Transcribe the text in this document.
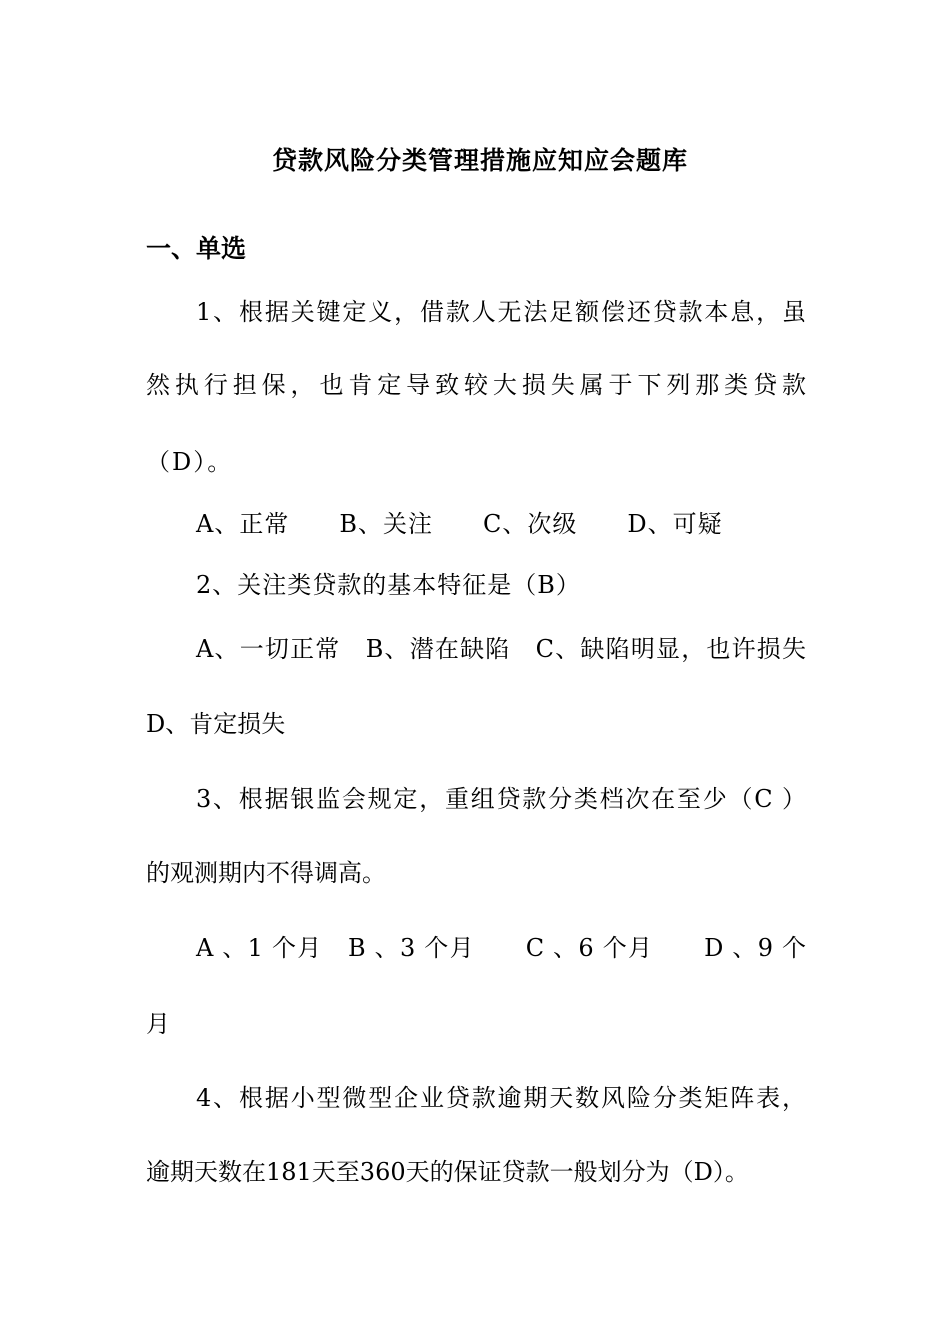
贷款风险分类管理措施应知应会题库
一、单选
1、根据关键定义，借款人无法足额偿还贷款本息，虽
然执行担保，也肯定导致较大损失属于下列那类贷款
（D）。
A、正常　　B、关注　　C、次级　　D、可疑
2、关注类贷款的基本特征是（B）
A、一切正常　B、潜在缺陷　C、缺陷明显，也许损失
D、肯定损失
3、根据银监会规定，重组贷款分类档次在至少（C ）
的观测期内不得调高。
A 、1 个月　B 、3 个月　　C 、6 个月　　D 、9 个
月
4、根据小型微型企业贷款逾期天数风险分类矩阵表，
逾期天数在181天至360天的保证贷款一般划分为（D）。
